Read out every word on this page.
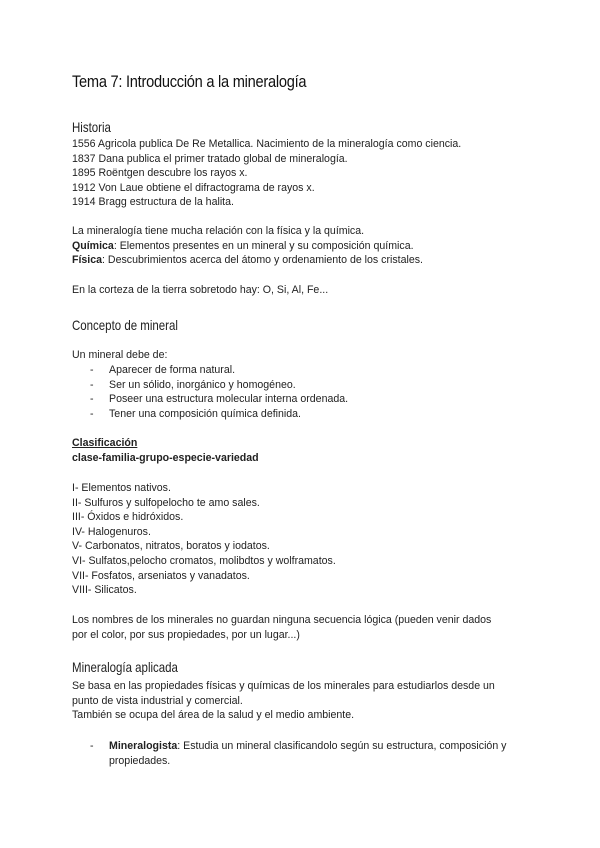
Tema 7: Introducción a la mineralogía
Historia
1556 Agricola publica De Re Metallica. Nacimiento de la mineralogía como ciencia.
1837 Dana publica el primer tratado global de mineralogía.
1895 Roëntgen descubre los rayos x.
1912 Von Laue obtiene el difractograma de rayos x.
1914 Bragg estructura de la halita.
La mineralogía tiene mucha relación con la física y la química.
Química: Elementos presentes en un mineral y su composición química.
Física: Descubrimientos acerca del átomo y ordenamiento de los cristales.
En la corteza de la tierra sobretodo hay: O, Si, Al, Fe...
Concepto de mineral
Un mineral debe de:
- Aparecer de forma natural.
- Ser un sólido, inorgánico y homogéneo.
- Poseer una estructura molecular interna ordenada.
- Tener una composición química definida.
Clasificación
clase-familia-grupo-especie-variedad
I- Elementos nativos.
II- Sulfuros y sulfopelocho te amo sales.
III- Óxidos e hidróxidos.
IV- Halogenuros.
V- Carbonatos, nitratos, boratos y iodatos.
VI- Sulfatos,pelocho cromatos, molibdtos y wolframatos.
VII- Fosfatos, arseniatos y vanadatos.
VIII- Silicatos.
Los nombres de los minerales no guardan ninguna secuencia lógica (pueden venir dados
por el color, por sus propiedades, por un lugar...)
Mineralogía aplicada
Se basa en las propiedades físicas y químicas de los minerales para estudiarlos desde un
punto de vista industrial y comercial.
También se ocupa del área de la salud y el medio ambiente.
- Mineralogista: Estudia un mineral clasificandolo según su estructura, composición y propiedades.
